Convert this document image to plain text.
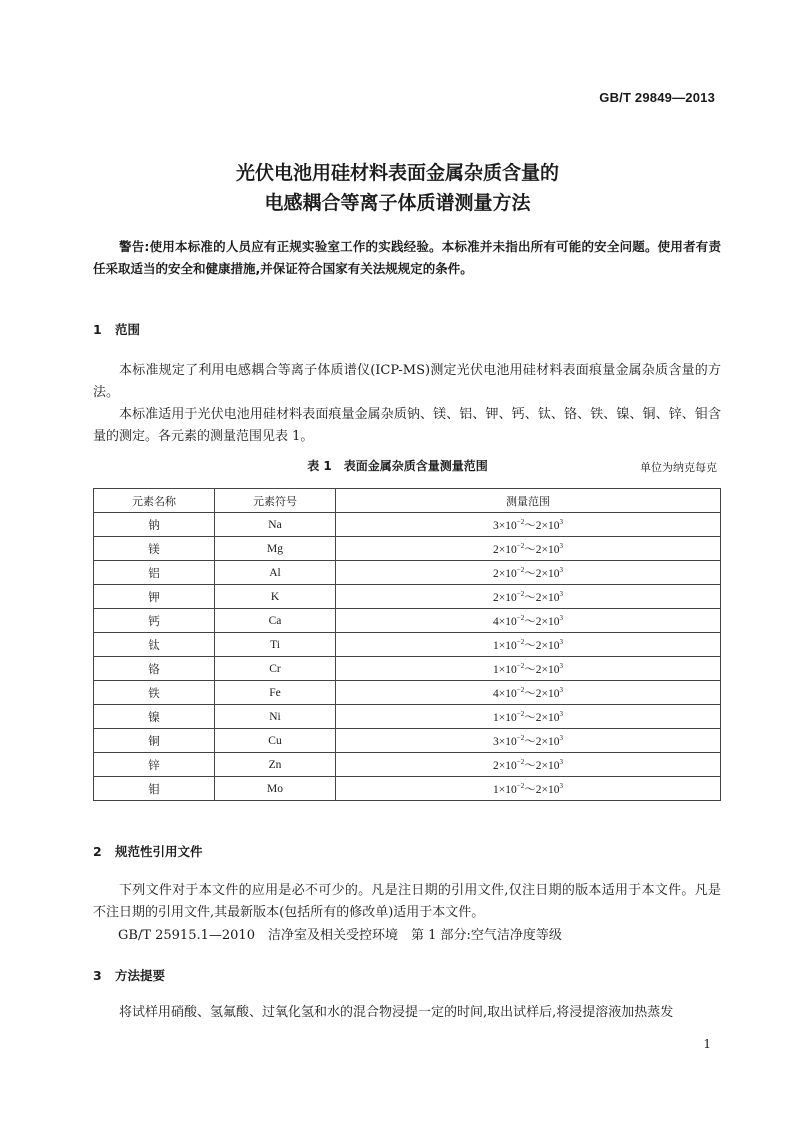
GB/T 29849—2013
光伏电池用硅材料表面金属杂质含量的
电感耦合等离子体质谱测量方法
警告:使用本标准的人员应有正规实验室工作的实践经验。本标准并未指出所有可能的安全问题。使用者有责任采取适当的安全和健康措施,并保证符合国家有关法规规定的条件。
1 范围
本标准规定了利用电感耦合等离子体质谱仪(ICP-MS)测定光伏电池用硅材料表面痕量金属杂质含量的方法。
本标准适用于光伏电池用硅材料表面痕量金属杂质钠、镁、铝、钾、钙、钛、铬、铁、镍、铜、锌、钼含量的测定。各元素的测量范围见表 1。
表 1　表面金属杂质含量测量范围	单位为纳克每克
元素名称	元素符号	测量范围
钠	Na	$3\times 10^{-2}\sim 2\times 10^3$
镁	Mg	$2\times 10^{-2}\sim 2\times 10^3$
铝	Al	$2\times 10^{-2}\sim 2\times 10^3$
钾	K	$2\times 10^{-2}\sim 2\times 10^3$
钙	Ca	$4\times 10^{-2}\sim 2\times 10^3$
钛	Ti	$1\times 10^{-2}\sim 2\times 10^3$
铬	Cr	$1\times 10^{-2}\sim 2\times 10^3$
铁	Fe	$4\times 10^{-2}\sim 2\times 10^3$
镍	Ni	$1\times 10^{-2}\sim 2\times 10^3$
铜	Cu	$3\times 10^{-2}\sim 2\times 10^3$
锌	Zn	$2\times 10^{-2}\sim 2\times 10^3$
钼	Mo	$1\times 10^{-2}\sim 2\times 10^3$
2 规范性引用文件
下列文件对于本文件的应用是必不可少的。凡是注日期的引用文件,仅注日期的版本适用于本文件。凡是不注日期的引用文件,其最新版本(包括所有的修改单)适用于本文件。
GB/T 25915.1—2010　洁净室及相关受控环境　第 1 部分:空气洁净度等级
3 方法提要
将试样用硝酸、氢氟酸、过氧化氢和水的混合物浸提一定的时间,取出试样后,将浸提溶液加热蒸发
1
